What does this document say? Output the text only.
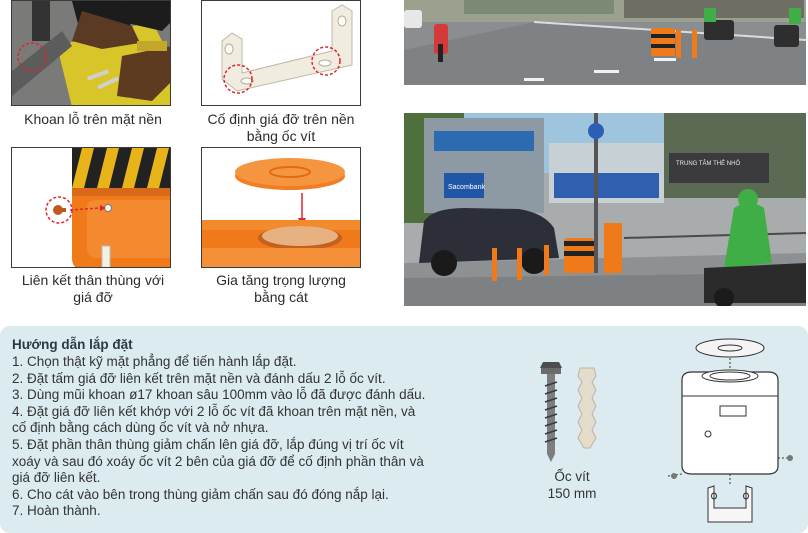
Khoan lỗ trên mặt nền	Cố định giá đỡ trên nền
bằng ốc vít
Liên kết thân thùng với
giá đỡ
Gia tăng trọng lượng
bằng cát
Sacombank
TRUNG TÂM THẺ NHỎ
Hướng dẫn lắp đặt
1. Chọn thật kỹ mặt phẳng để tiến hành lắp đặt.
2. Đặt tấm giá đỡ liên kết trên mặt nền và đánh dấu 2 lỗ ốc vít.
3. Dùng mũi khoan ø17 khoan sâu 100mm vào lỗ đã được đánh dấu.
4. Đặt giá đỡ liên kết khớp với 2 lỗ ốc vít đã khoan trên mặt nền, và
cố định bằng cách dùng ốc vít và nở nhựa.
5. Đặt phần thân thùng giảm chấn lên giá đỡ, lắp đúng vị trí ốc vít
xoáy và sau đó xoáy ốc vít 2 bên của giá đỡ để cố định phần thân và
giá đỡ liên kết.
6. Cho cát vào bên trong thùng giảm chấn sau đó đóng nắp lại.
7. Hoàn thành.
Ốc vít
150 mm
